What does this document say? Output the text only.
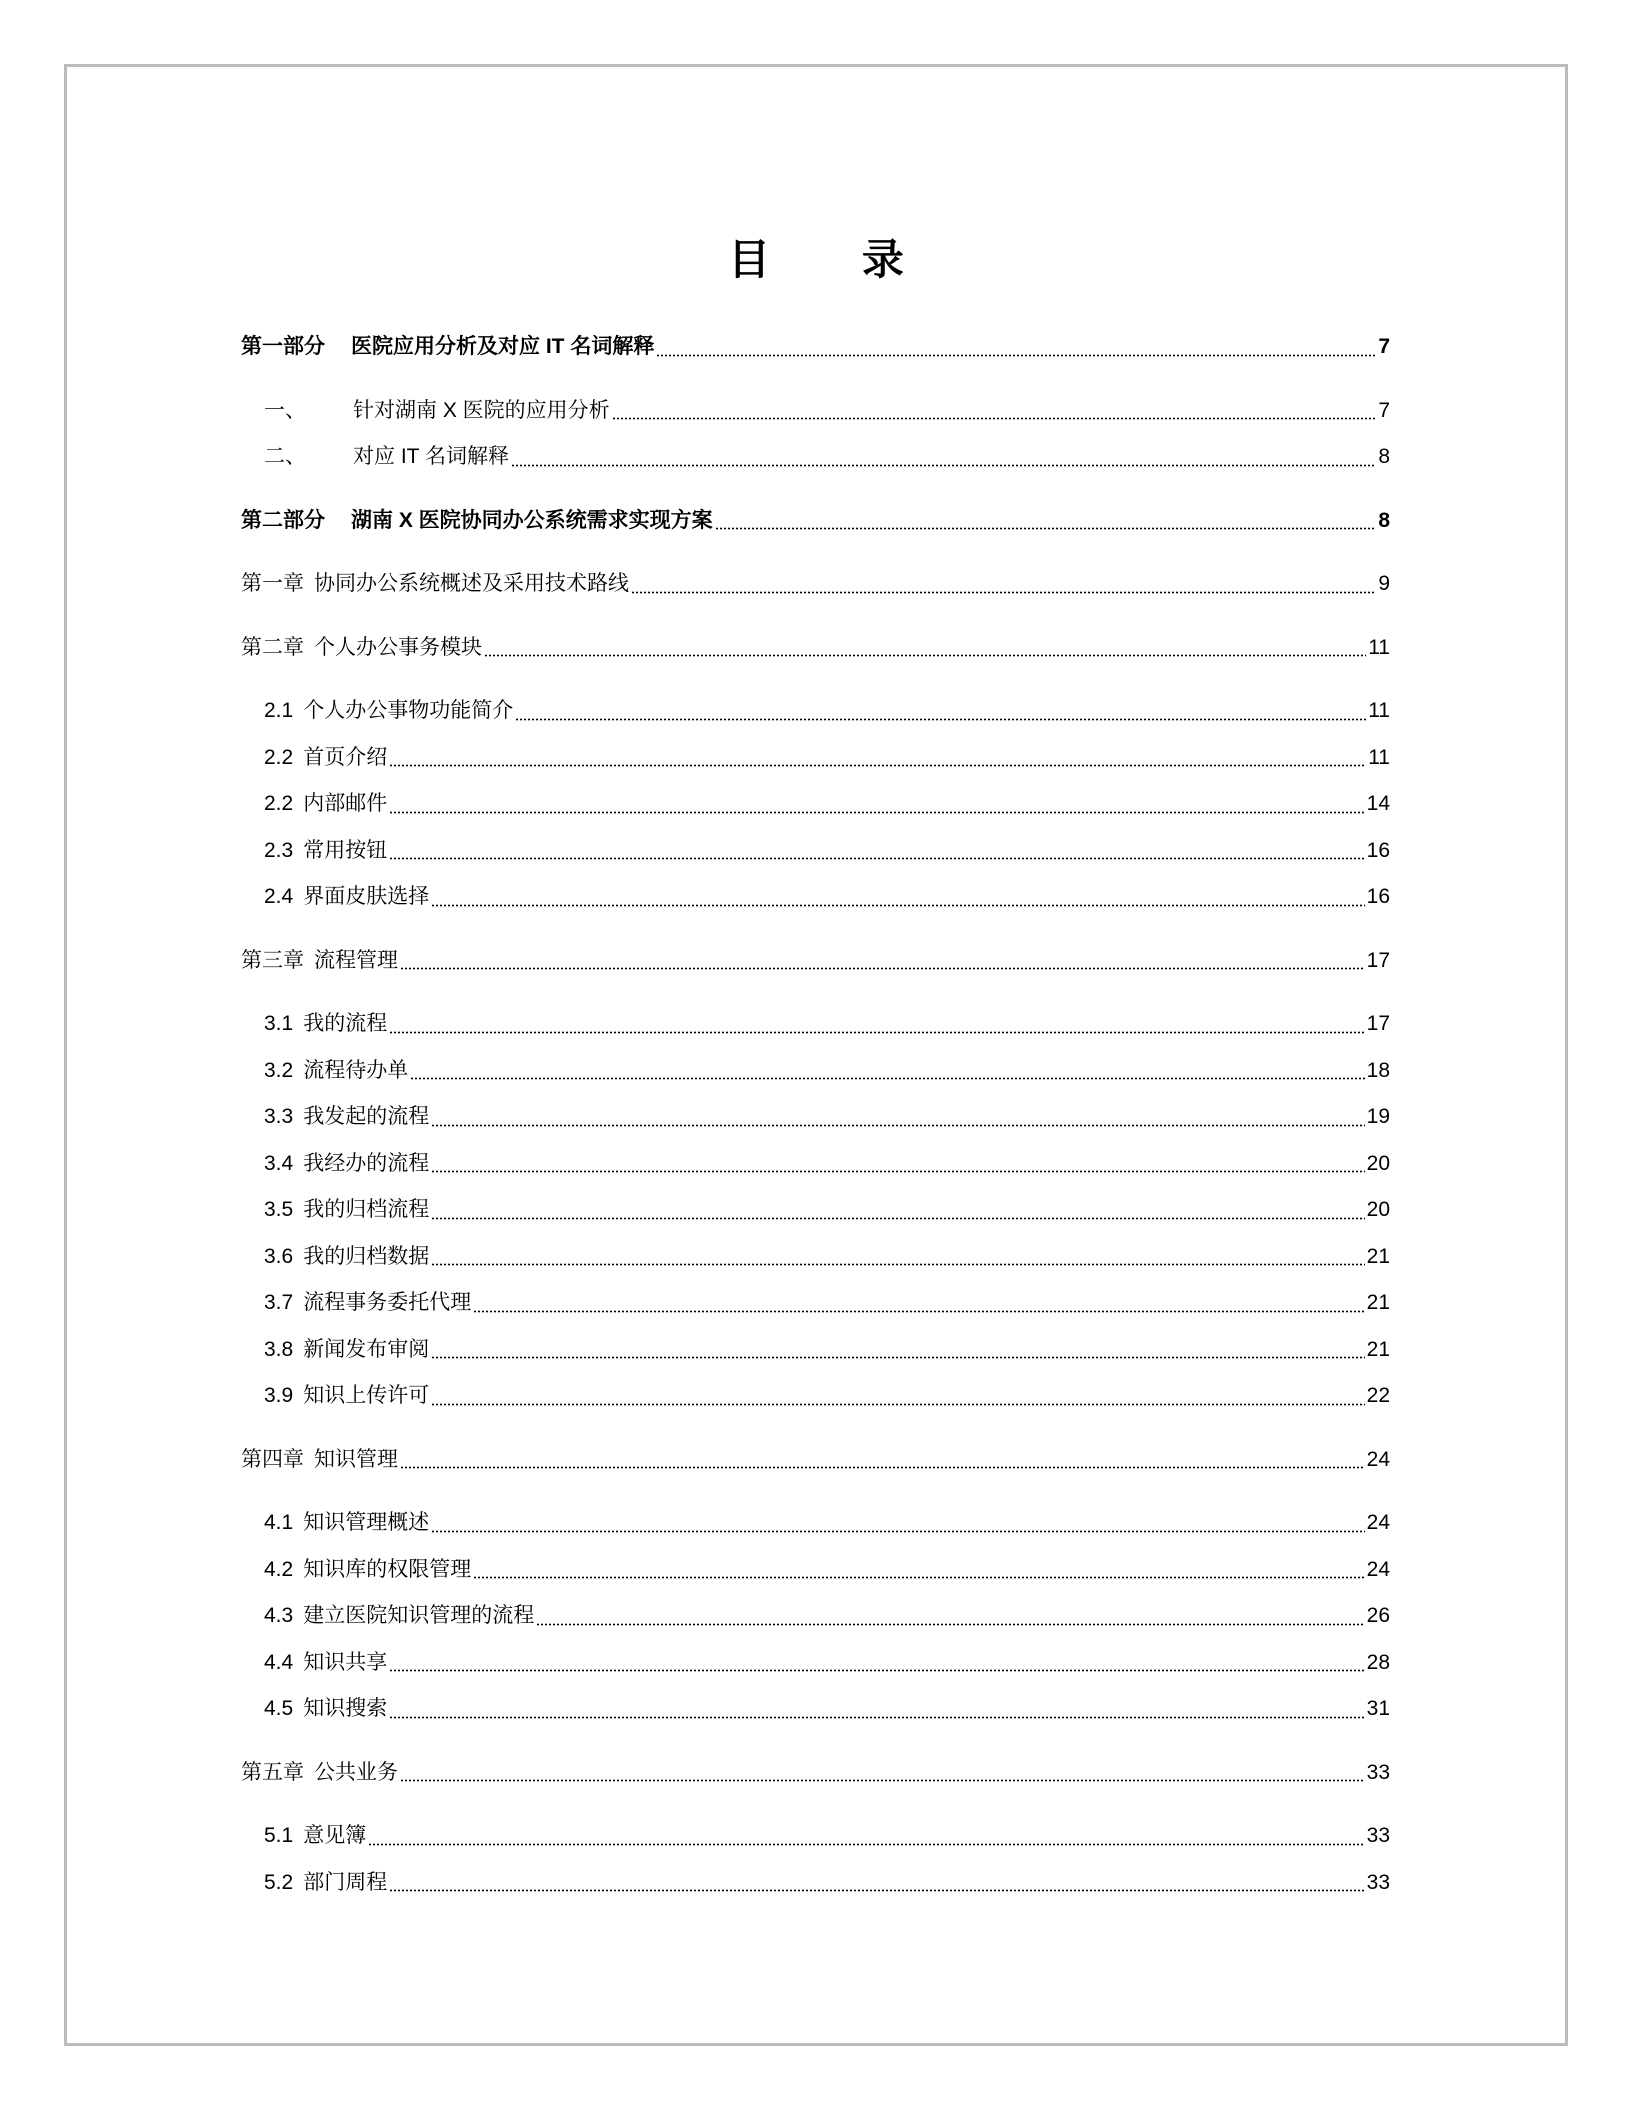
目 录
第一部分 医院应用分析及对应 IT 名词解释	7
一、	针对湖南 X 医院的应用分析	7
二、	对应 IT 名词解释	8
第二部分 湖南 X 医院协同办公系统需求实现方案	8
第一章 协同办公系统概述及采用技术路线	9
第二章 个人办公事务模块	11
2.1 个人办公事物功能简介	11
2.2 首页介绍	11
2.2 内部邮件	14
2.3 常用按钮	16
2.4 界面皮肤选择	16
第三章 流程管理	17
3.1 我的流程	17
3.2 流程待办单	18
3.3 我发起的流程	19
3.4 我经办的流程	20
3.5 我的归档流程	20
3.6 我的归档数据	21
3.7 流程事务委托代理	21
3.8 新闻发布审阅	21
3.9 知识上传许可	22
第四章 知识管理	24
4.1 知识管理概述	24
4.2 知识库的权限管理	24
4.3 建立医院知识管理的流程	26
4.4 知识共享	28
4.5 知识搜索	31
第五章 公共业务	33
5.1 意见簿	33
5.2 部门周程	33
